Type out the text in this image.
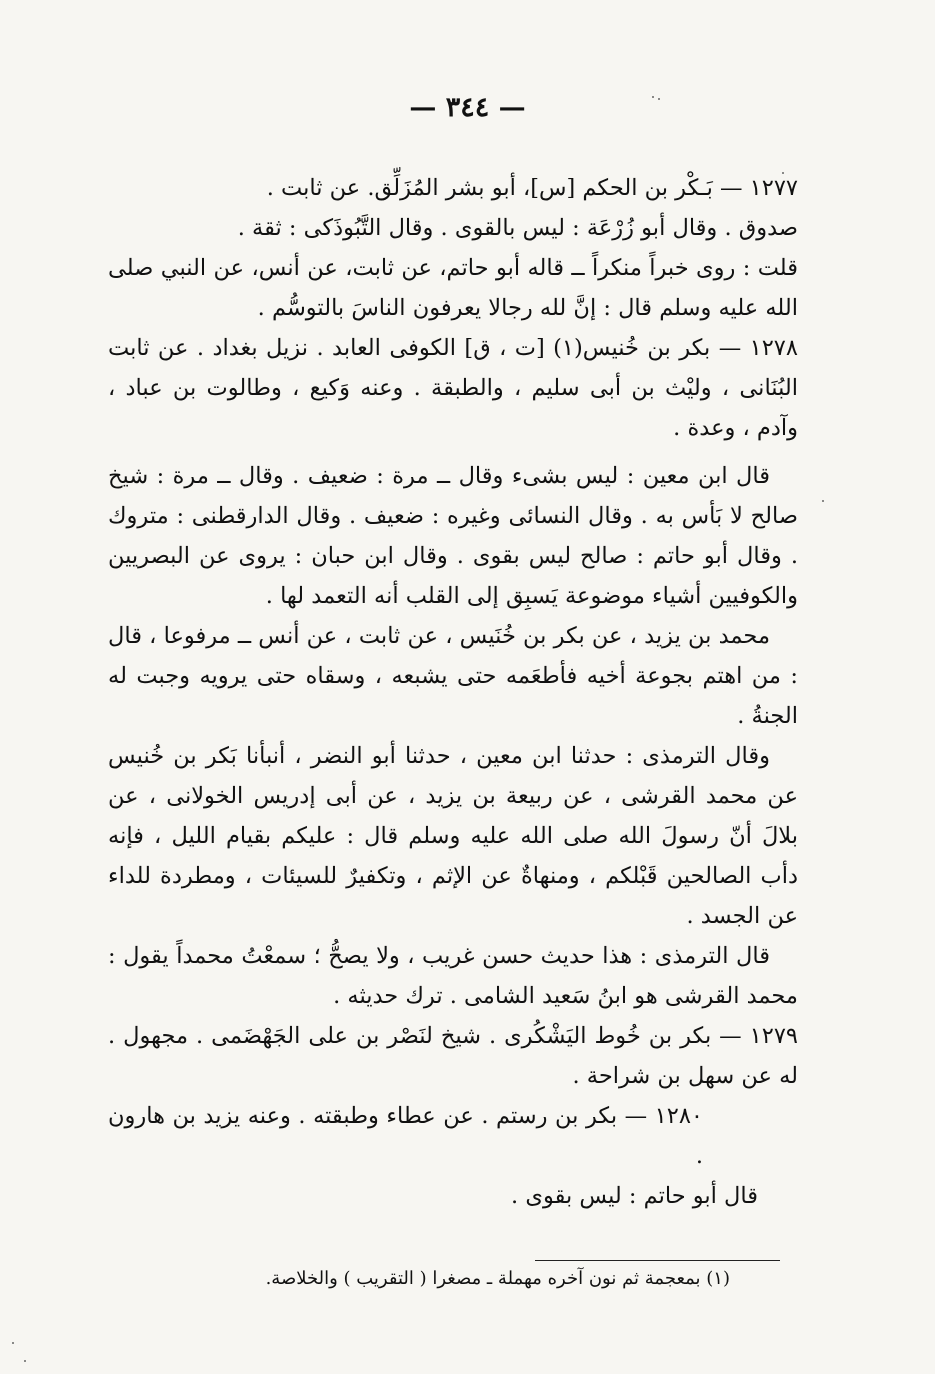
— ٣٤٤ —

١٢٧٧ — بَـكْر بن الحكم [س]، أبو بشر المُزَلِّق. عن ثابت .

صدوق . وقال أبو زُرْعَة : ليس بالقوى . وقال التَّبُوذَكى : ثقة .

قلت : روى خبراً منكراً ــ قاله أبو حاتم، عن ثابت، عن أنس، عن النبي صلى الله عليه وسلم قال : إنَّ لله رجالا يعرفون الناسَ بالتوسُّم .

١٢٧٨ — بكر بن خُنيس(١) [ت ، ق] الكوفى العابد . نزيل بغداد . عن ثابت البُنَانى ، وليْث بن أبى سليم ، والطبقة . وعنه وَكيع ، وطالوت بن عباد ، وآدم ، وعدة .

قال ابن معين : ليس بشىء وقال ــ مرة : ضعيف . وقال ــ مرة : شيخ صالح لا بَأس به . وقال النسائى وغيره : ضعيف . وقال الدارقطنى : متروك . وقال أبو حاتم : صالح ليس بقوى . وقال ابن حبان : يروى عن البصريين والكوفيين أشياء موضوعة يَسبِق إلى القلب أنه التعمد لها .

محمد بن يزيد ، عن بكر بن خُنَيس ، عن ثابت ، عن أنس ــ مرفوعا ، قال : من اهتم بجوعة أخيه فأطعَمه حتى يشبعه ، وسقاه حتى يرويه وجبت له الجنةُ .

وقال الترمذى : حدثنا ابن معين ، حدثنا أبو النضر ، أنبأنا بَكر بن خُنيس عن محمد القرشى ، عن ربيعة بن يزيد ، عن أبى إدريس الخولانى ، عن بلالَ أنّ رسولَ الله صلى الله عليه وسلم قال : عليكم بقيام الليل ، فإنه دأب الصالحين قَبْلكم ، ومنهاةٌ عن الإثم ، وتكفيرٌ للسيئات ، ومطردة للداء عن الجسد .

قال الترمذى : هذا حديث حسن غريب ، ولا يصحُّ ؛ سمعْتُ محمداً يقول : محمد القرشى هو ابنُ سَعيد الشامى . ترك حديثه .

١٢٧٩ — بكر بن خُوط اليَشْكُرى . شيخ لنَصْر بن على الجَهْضَمى . مجهول . له عن سهل بن شراحة .

١٢٨٠ — بكر بن رستم . عن عطاء وطبقته . وعنه يزيد بن هارون .

قال أبو حاتم : ليس بقوى .

(١) بمعجمة ثم نون آخره مهملة ـ مصغرا ( التقريب ) والخلاصة.
